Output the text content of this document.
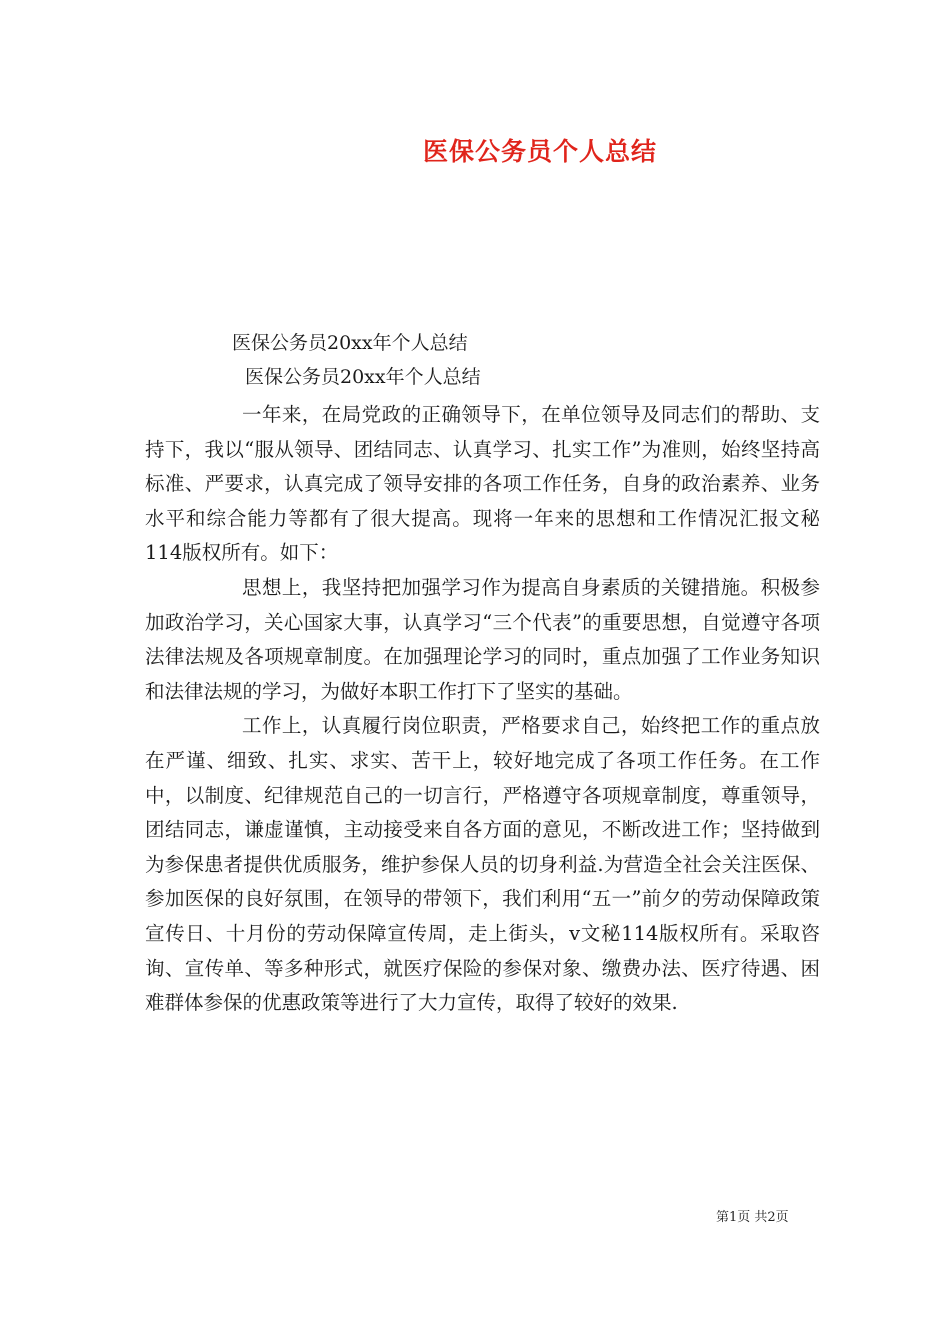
医保公务员个人总结
医保公务员20xx年个人总结
医保公务员20xx年个人总结

一年来，在局党政的正确领导下，在单位领导及同志们的帮助、支持下，我以“服从领导、团结同志、认真学习、扎实工作”为准则，始终坚持高标准、严要求，认真完成了领导安排的各项工作任务，自身的政治素养、业务水平和综合能力等都有了很大提高。现将一年来的思想和工作情况汇报文秘114版权所有。如下：

思想上，我坚持把加强学习作为提高自身素质的关键措施。积极参加政治学习，关心国家大事，认真学习“三个代表”的重要思想，自觉遵守各项法律法规及各项规章制度。在加强理论学习的同时，重点加强了工作业务知识和法律法规的学习，为做好本职工作打下了坚实的基础。

工作上，认真履行岗位职责，严格要求自己，始终把工作的重点放在严谨、细致、扎实、求实、苦干上，较好地完成了各项工作任务。在工作中，以制度、纪律规范自己的一切言行，严格遵守各项规章制度，尊重领导，团结同志，谦虚谨慎，主动接受来自各方面的意见，不断改进工作；坚持做到为参保患者提供优质服务，维护参保人员的切身利益.为营造全社会关注医保、参加医保的良好氛围，在领导的带领下，我们利用“五一”前夕的劳动保障政策宣传日、十月份的劳动保障宣传周，走上街头，v文秘114版权所有。采取咨询、宣传单、等多种形式，就医疗保险的参保对象、缴费办法、医疗待遇、困难群体参保的优惠政策等进行了大力宣传，取得了较好的效果.

第1页 共2页
